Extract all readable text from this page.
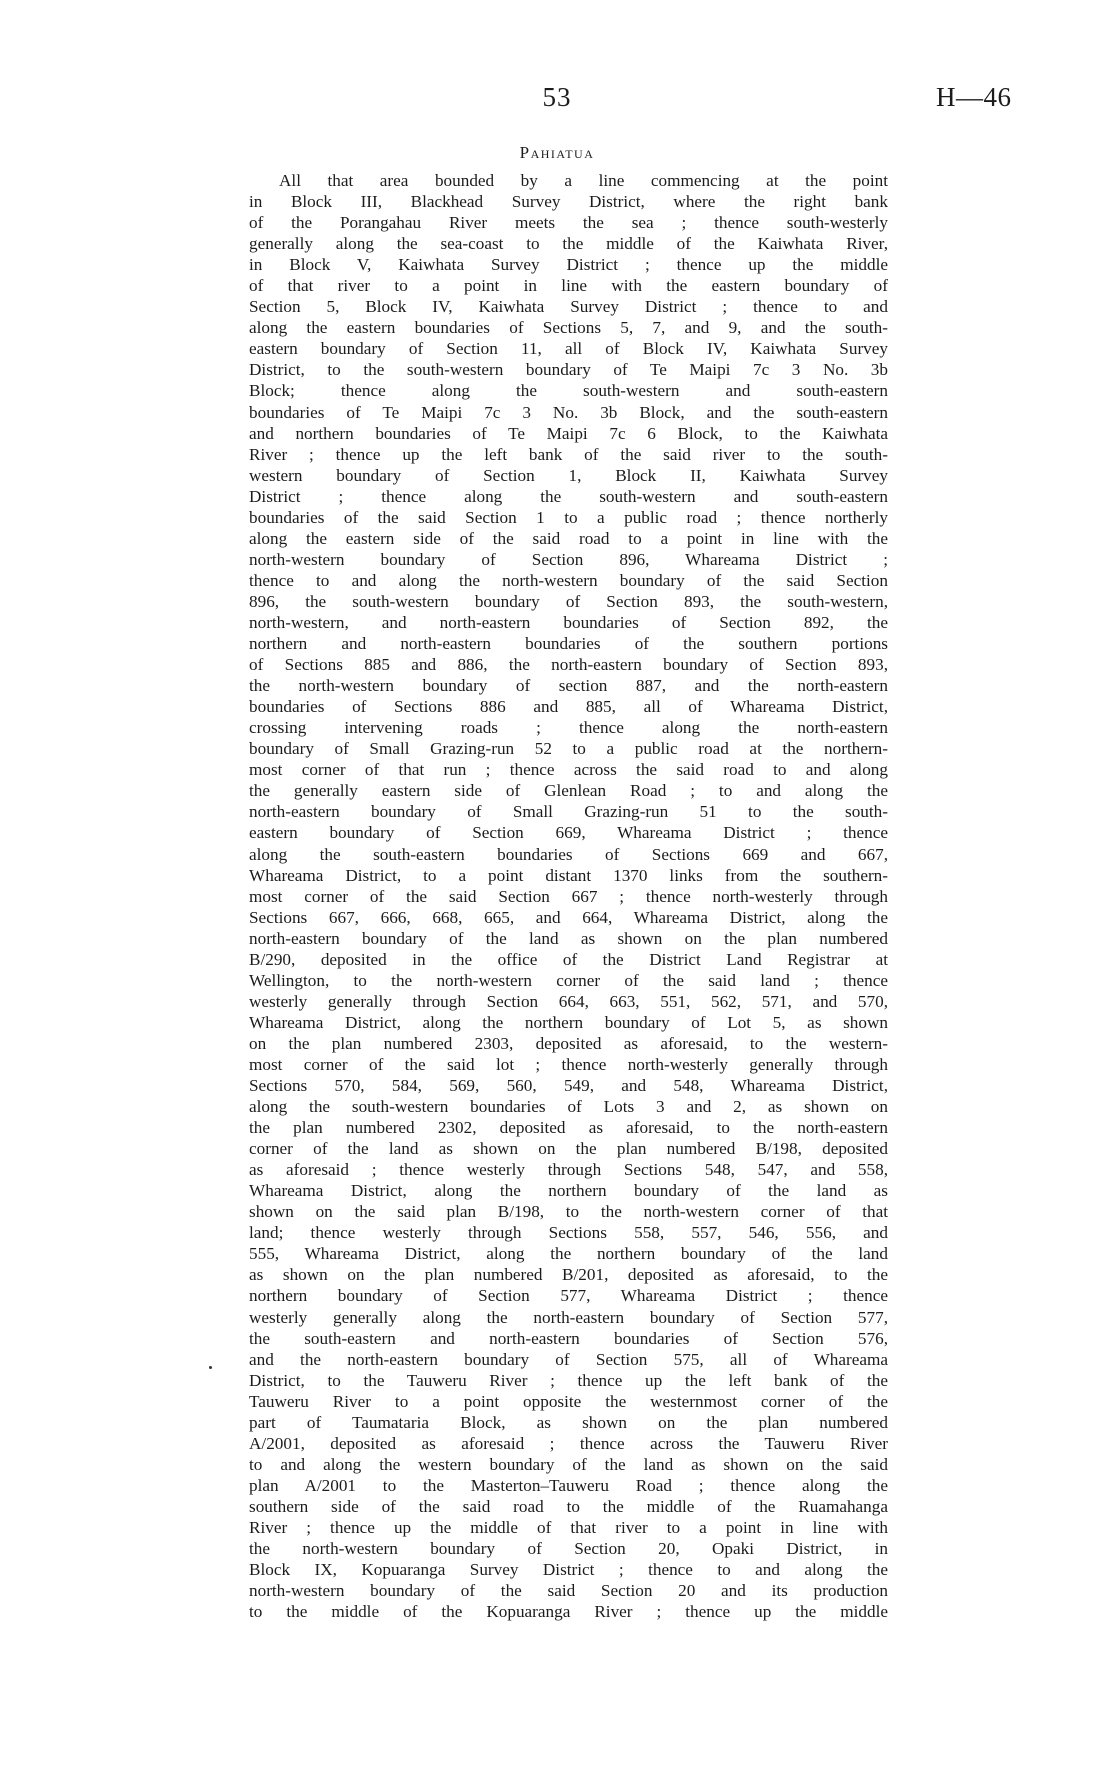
53	H—46
Pahiatua
All that area bounded by a line commencing at the point
in Block III, Blackhead Survey District, where the right bank
of the Porangahau River meets the sea ; thence south-westerly
generally along the sea-coast to the middle of the Kaiwhata River,
in Block V, Kaiwhata Survey District ; thence up the middle
of that river to a point in line with the eastern boundary of
Section 5, Block IV, Kaiwhata Survey District ; thence to and
along the eastern boundaries of Sections 5, 7, and 9, and the south-
eastern boundary of Section 11, all of Block IV, Kaiwhata Survey
District, to the south-western boundary of Te Maipi 7c 3 No. 3b
Block; thence along the south-western and south-eastern
boundaries of Te Maipi 7c 3 No. 3b Block, and the south-eastern
and northern boundaries of Te Maipi 7c 6 Block, to the Kaiwhata
River ; thence up the left bank of the said river to the south-
western boundary of Section 1, Block II, Kaiwhata Survey
District ; thence along the south-western and south-eastern
boundaries of the said Section 1 to a public road ; thence northerly
along the eastern side of the said road to a point in line with the
north-western boundary of Section 896, Whareama District ;
thence to and along the north-western boundary of the said Section
896, the south-western boundary of Section 893, the south-western,
north-western, and north-eastern boundaries of Section 892, the
northern and north-eastern boundaries of the southern portions
of Sections 885 and 886, the north-eastern boundary of Section 893,
the north-western boundary of section 887, and the north-eastern
boundaries of Sections 886 and 885, all of Whareama District,
crossing intervening roads ; thence along the north-eastern
boundary of Small Grazing-run 52 to a public road at the northern-
most corner of that run ; thence across the said road to and along
the generally eastern side of Glenlean Road ; to and along the
north-eastern boundary of Small Grazing-run 51 to the south-
eastern boundary of Section 669, Whareama District ; thence
along the south-eastern boundaries of Sections 669 and 667,
Whareama District, to a point distant 1370 links from the southern-
most corner of the said Section 667 ; thence north-westerly through
Sections 667, 666, 668, 665, and 664, Whareama District, along the
north-eastern boundary of the land as shown on the plan numbered
B/290, deposited in the office of the District Land Registrar at
Wellington, to the north-western corner of the said land ; thence
westerly generally through Section 664, 663, 551, 562, 571, and 570,
Whareama District, along the northern boundary of Lot 5, as shown
on the plan numbered 2303, deposited as aforesaid, to the western-
most corner of the said lot ; thence north-westerly generally through
Sections 570, 584, 569, 560, 549, and 548, Whareama District,
along the south-western boundaries of Lots 3 and 2, as shown on
the plan numbered 2302, deposited as aforesaid, to the north-eastern
corner of the land as shown on the plan numbered B/198, deposited
as aforesaid ; thence westerly through Sections 548, 547, and 558,
Whareama District, along the northern boundary of the land as
shown on the said plan B/198, to the north-western corner of that
land; thence westerly through Sections 558, 557, 546, 556, and
555, Whareama District, along the northern boundary of the land
as shown on the plan numbered B/201, deposited as aforesaid, to the
northern boundary of Section 577, Whareama District ; thence
westerly generally along the north-eastern boundary of Section 577,
the south-eastern and north-eastern boundaries of Section 576,
and the north-eastern boundary of Section 575, all of Whareama
District, to the Tauweru River ; thence up the left bank of the
Tauweru River to a point opposite the westernmost corner of the
part of Taumataria Block, as shown on the plan numbered
A/2001, deposited as aforesaid ; thence across the Tauweru River
to and along the western boundary of the land as shown on the said
plan A/2001 to the Masterton–Tauweru Road ; thence along the
southern side of the said road to the middle of the Ruamahanga
River ; thence up the middle of that river to a point in line with
the north-western boundary of Section 20, Opaki District, in
Block IX, Kopuaranga Survey District ; thence to and along the
north-western boundary of the said Section 20 and its production
to the middle of the Kopuaranga River ; thence up the middle
